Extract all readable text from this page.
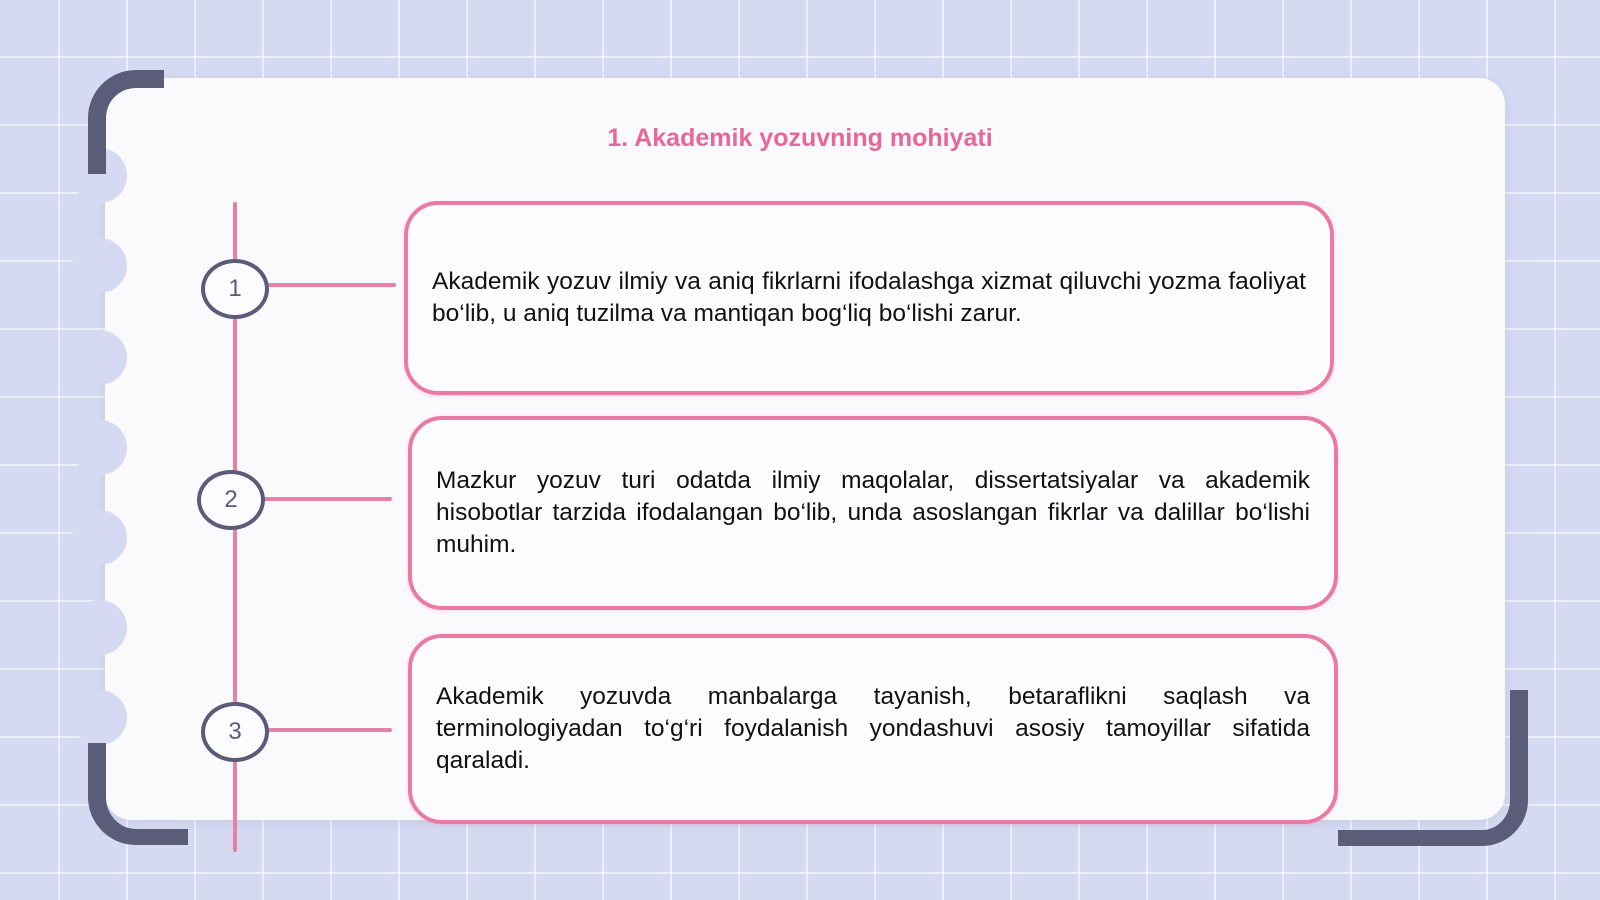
1. Akademik yozuvning mohiyati
1
2
3

Akademik yozuv ilmiy va aniq fikrlarni ifodalashga xizmat qiluvchi yozma faoliyat bo‘lib, u aniq tuzilma va mantiqan bog‘liq bo‘lishi zarur.

Mazkur yozuv turi odatda ilmiy maqolalar, dissertatsiyalar va akademik hisobotlar tarzida ifodalangan bo‘lib, unda asoslangan fikrlar va dalillar bo‘lishi muhim.

Akademik yozuvda manbalarga tayanish, betaraflikni saqlash va terminologiyadan to‘g‘ri foydalanish yondashuvi asosiy tamoyillar sifatida qaraladi.
